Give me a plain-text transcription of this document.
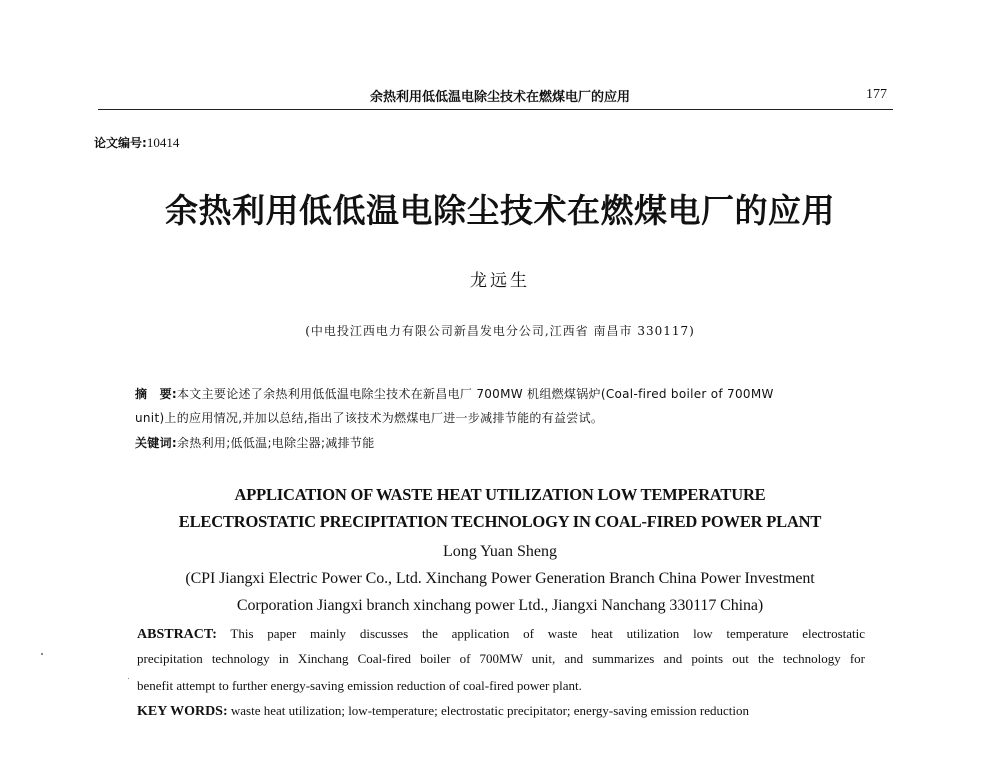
余热利用低低温电除尘技术在燃煤电厂的应用	177
论文编号:10414
余热利用低低温电除尘技术在燃煤电厂的应用
龙远生
(中电投江西电力有限公司新昌发电分公司,江西省 南昌市 330117)
摘　要:本文主要论述了余热利用低低温电除尘技术在新昌电厂 700MW 机组燃煤锅炉(Coal-fired boiler of 700MW
unit)上的应用情况,并加以总结,指出了该技术为燃煤电厂进一步减排节能的有益尝试。
关键词:余热利用;低低温;电除尘器;减排节能
APPLICATION OF WASTE HEAT UTILIZATION LOW TEMPERATURE
ELECTROSTATIC PRECIPITATION TECHNOLOGY IN COAL-FIRED POWER PLANT
Long Yuan Sheng
(CPI Jiangxi Electric Power Co., Ltd. Xinchang Power Generation Branch China Power Investment
Corporation Jiangxi branch xinchang power Ltd., Jiangxi Nanchang 330117 China)
ABSTRACT: This paper mainly discusses the application of waste heat utilization low temperature electrostatic
precipitation technology in Xinchang Coal-fired boiler of 700MW unit, and summarizes and points out the technology for
benefit attempt to further energy-saving emission reduction of coal-fired power plant.
KEY WORDS: waste heat utilization; low-temperature; electrostatic precipitator; energy-saving emission reduction
